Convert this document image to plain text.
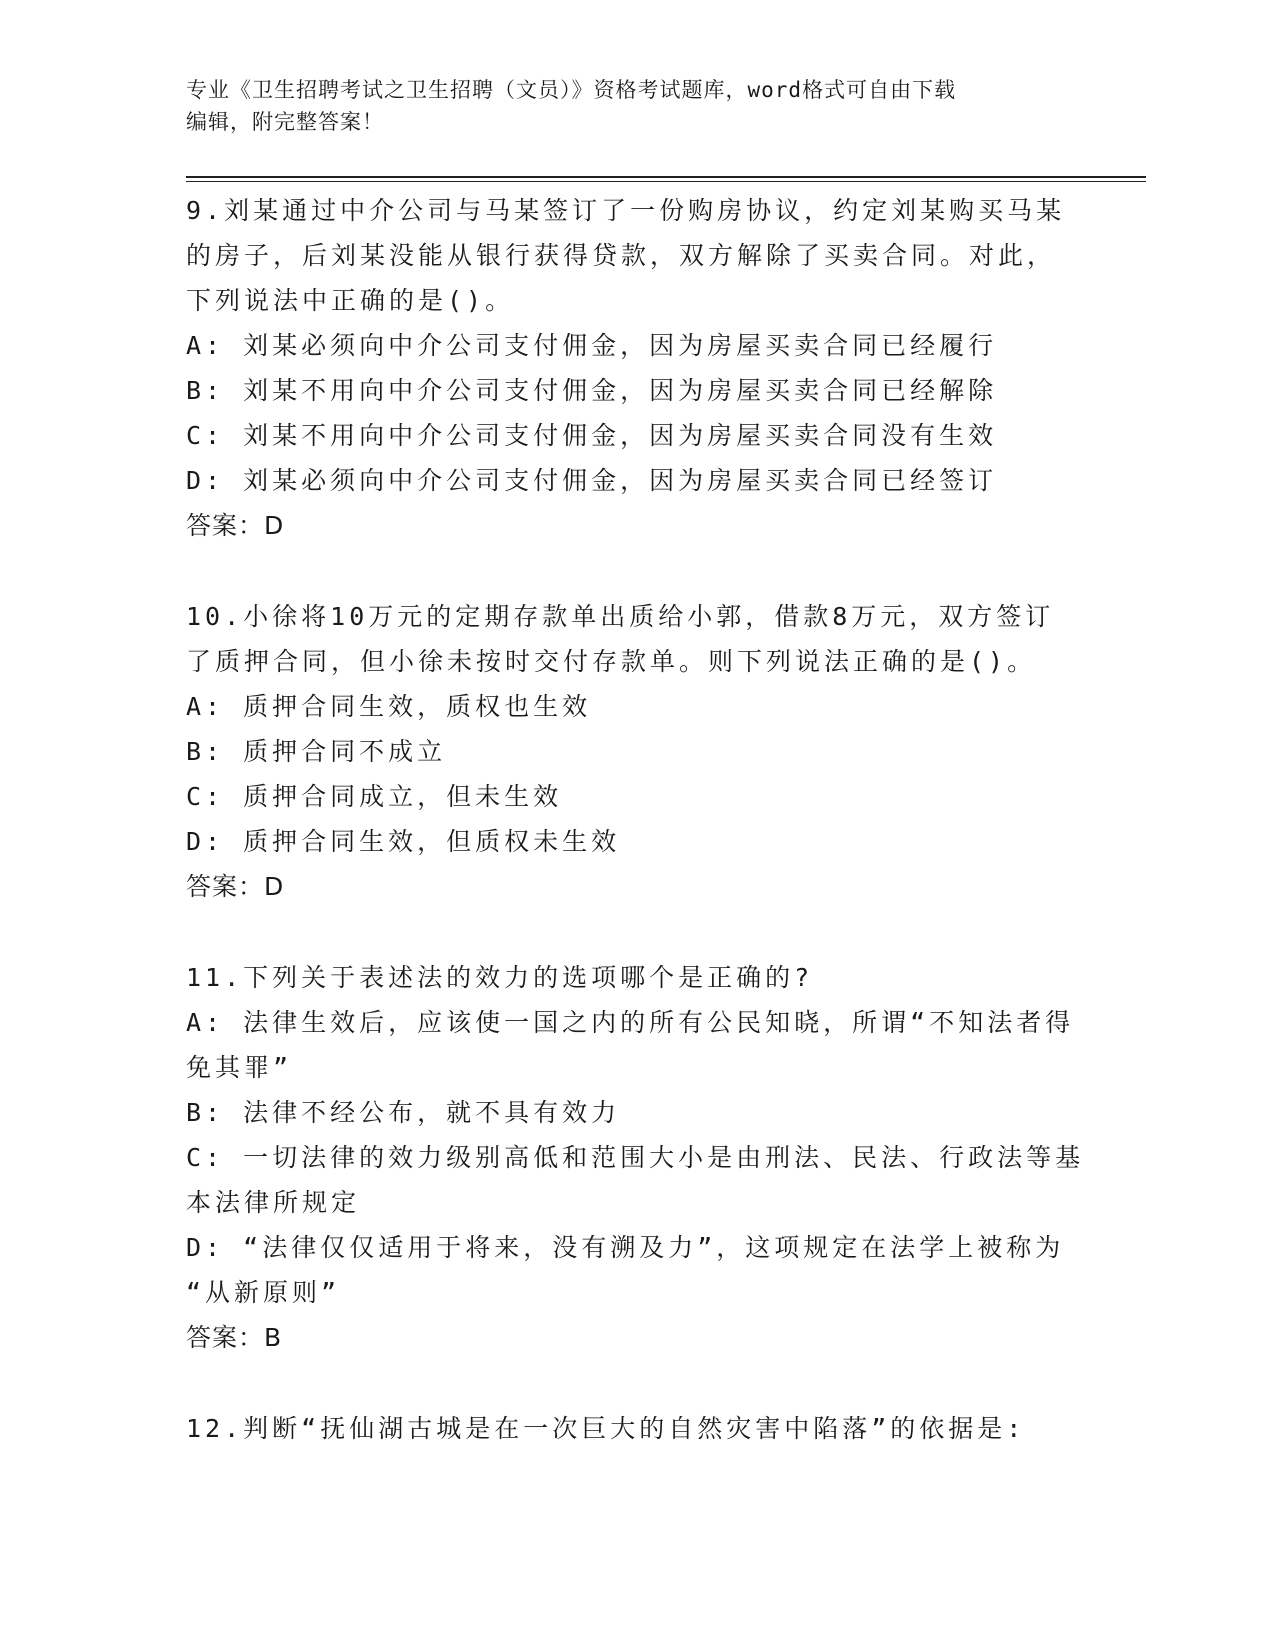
专业《卫生招聘考试之卫生招聘（文员）》资格考试题库，word格式可自由下载
编辑，附完整答案！
9.刘某通过中介公司与马某签订了一份购房协议，约定刘某购买马某
的房子，后刘某没能从银行获得贷款，双方解除了买卖合同。对此，
下列说法中正确的是()。
A: 刘某必须向中介公司支付佣金，因为房屋买卖合同已经履行
B: 刘某不用向中介公司支付佣金，因为房屋买卖合同已经解除
C: 刘某不用向中介公司支付佣金，因为房屋买卖合同没有生效
D: 刘某必须向中介公司支付佣金，因为房屋买卖合同已经签订
答案：D
10.小徐将10万元的定期存款单出质给小郭，借款8万元，双方签订
了质押合同，但小徐未按时交付存款单。则下列说法正确的是()。
A: 质押合同生效，质权也生效
B: 质押合同不成立
C: 质押合同成立，但未生效
D: 质押合同生效，但质权未生效
答案：D
11.下列关于表述法的效力的选项哪个是正确的?
A: 法律生效后，应该使一国之内的所有公民知晓，所谓“不知法者得
免其罪”
B: 法律不经公布，就不具有效力
C: 一切法律的效力级别高低和范围大小是由刑法、民法、行政法等基
本法律所规定
D: “法律仅仅适用于将来，没有溯及力”，这项规定在法学上被称为
“从新原则”
答案：B
12.判断“抚仙湖古城是在一次巨大的自然灾害中陷落”的依据是:
